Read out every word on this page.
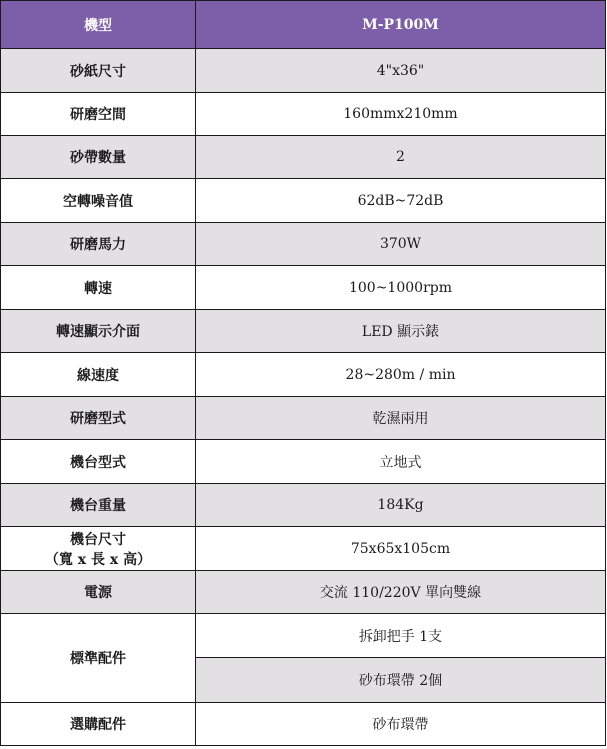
機型	M-P100M
砂紙尺寸	4"x36"
研磨空間	160mmx210mm
砂帶數量	2
空轉噪音值	62dB~72dB
研磨馬力	370W
轉速	100~1000rpm
轉速顯示介面	LED 顯示錶
線速度	28~280m / min
研磨型式	乾濕兩用
機台型式	立地式
機台重量	184Kg

機台尺寸
（寬 x 長 x 高）	75x65x105cm
電源	交流 110/220V 單向雙線
標準配件	拆卸把手 1支
	砂布環帶 2個
選購配件	砂布環帶
